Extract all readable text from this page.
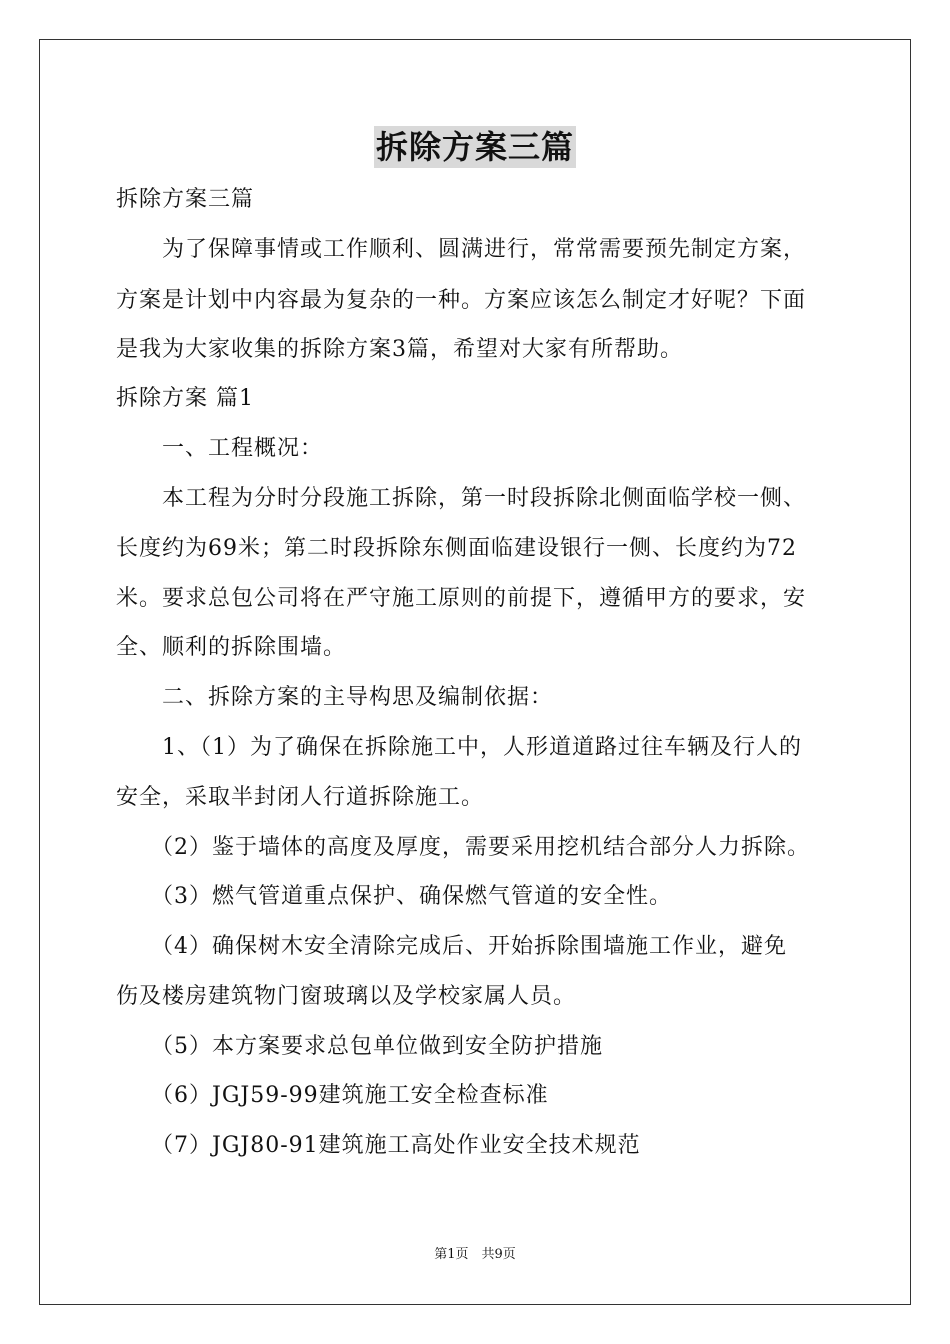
拆除方案三篇
拆除方案三篇
　　为了保障事情或工作顺利、圆满进行，常常需要预先制定方案，
方案是计划中内容最为复杂的一种。方案应该怎么制定才好呢？下面
是我为大家收集的拆除方案3篇，希望对大家有所帮助。
拆除方案 篇1
　　一、工程概况：
　　本工程为分时分段施工拆除，第一时段拆除北侧面临学校一侧、
长度约为69米；第二时段拆除东侧面临建设银行一侧、长度约为72
米。要求总包公司将在严守施工原则的前提下，遵循甲方的要求，安
全、顺利的拆除围墙。
　　二、拆除方案的主导构思及编制依据：
　　1、（1）为了确保在拆除施工中，人形道道路过往车辆及行人的
安全，采取半封闭人行道拆除施工。
　　（2）鉴于墙体的高度及厚度，需要采用挖机结合部分人力拆除。
　　（3）燃气管道重点保护、确保燃气管道的安全性。
　　（4）确保树木安全清除完成后、开始拆除围墙施工作业，避免
伤及楼房建筑物门窗玻璃以及学校家属人员。
　　（5）本方案要求总包单位做到安全防护措施
　　（6）JGJ59-99建筑施工安全检查标准
　　（7）JGJ80-91建筑施工高处作业安全技术规范
第1页　共9页
